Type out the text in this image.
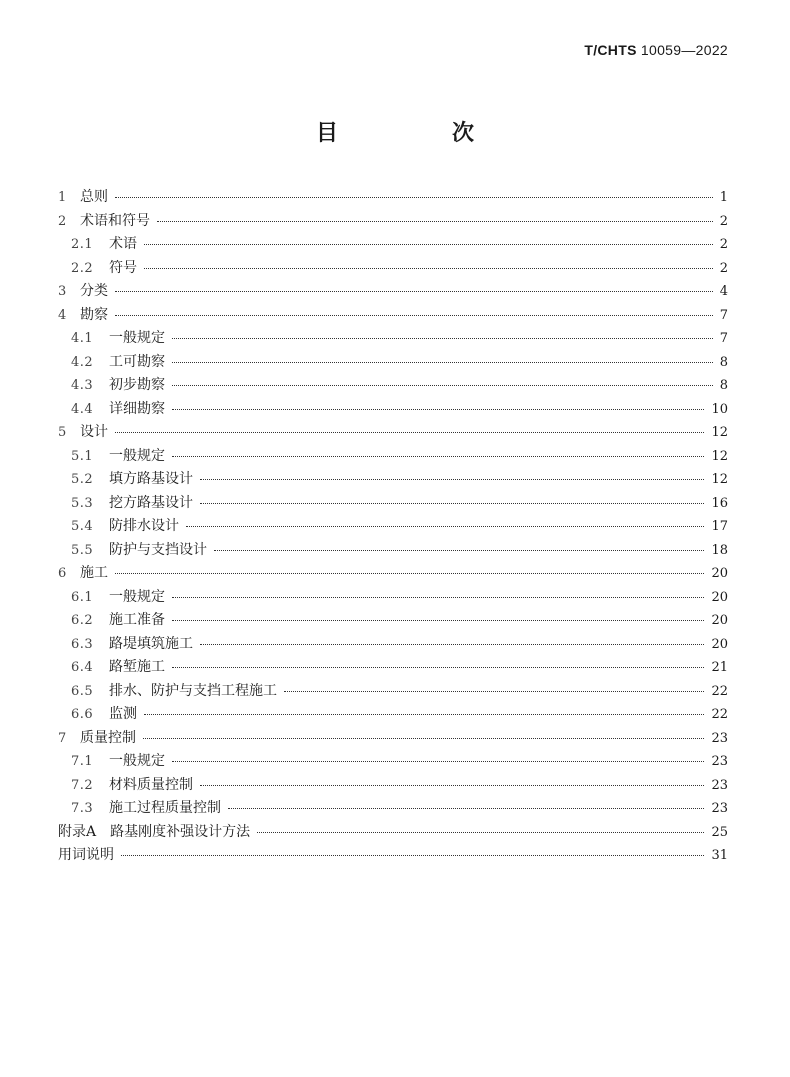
T/CHTS 10059—2022
目　次
1 总则	1
2 术语和符号	2
2.1	术语	2
2.2	符号	2
3 分类	4
4 勘察	7
4.1	一般规定	7
4.2	工可勘察	8
4.3	初步勘察	8
4.4	详细勘察	10
5 设计	12
5.1	一般规定	12
5.2	填方路基设计	12
5.3	挖方路基设计	16
5.4	防排水设计	17
5.5	防护与支挡设计	18
6 施工	20
6.1	一般规定	20
6.2	施工准备	20
6.3	路堤填筑施工	20
6.4	路堑施工	21
6.5	排水、防护与支挡工程施工	22
6.6	监测	22
7 质量控制	23
7.1	一般规定	23
7.2	材料质量控制	23
7.3	施工过程质量控制	23
附录A　路基刚度补强设计方法	25
用词说明	31
